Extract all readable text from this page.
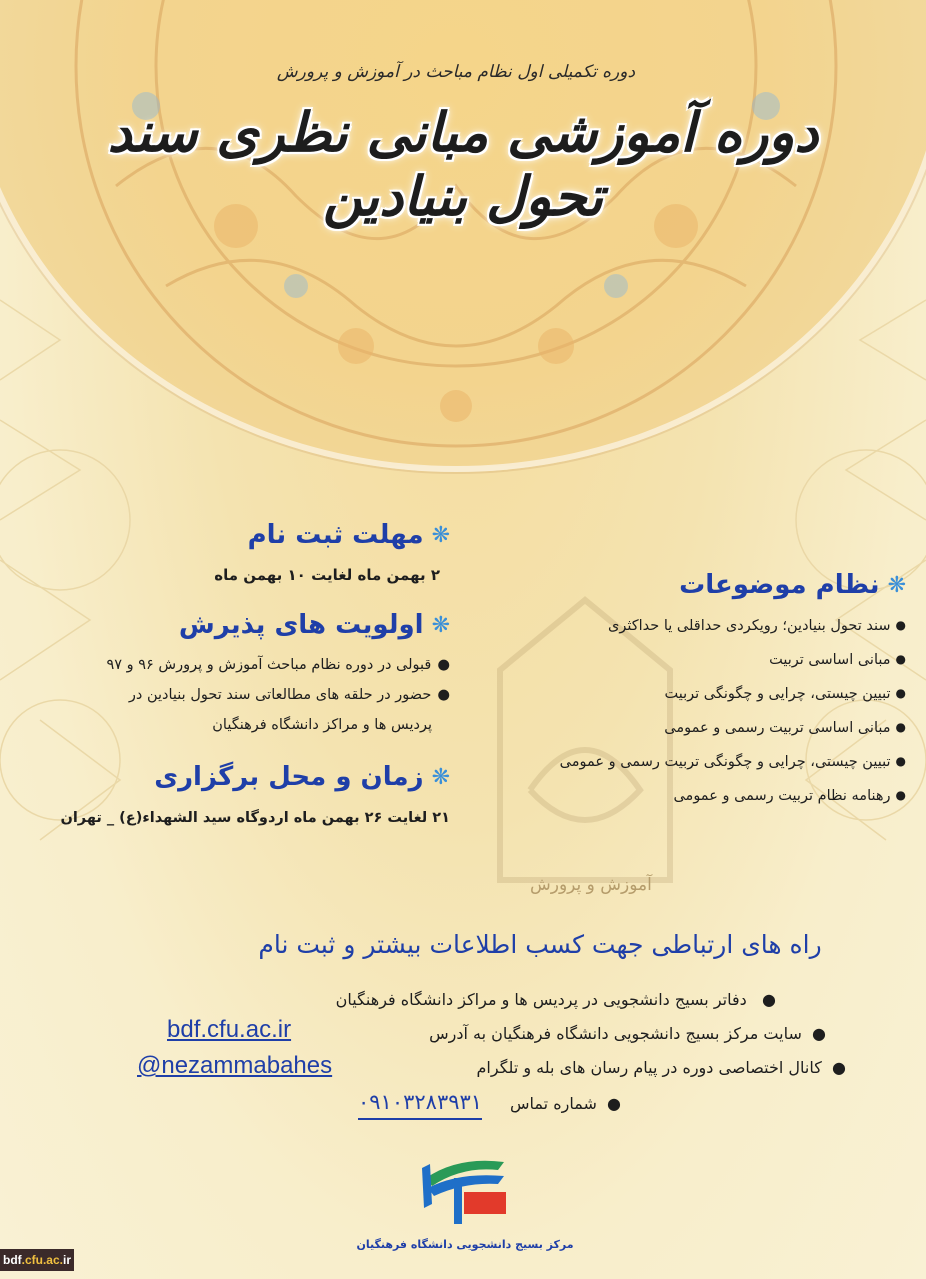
دوره تکمیلی اول نظام مباحث در آموزش و پرورش
دوره آموزشی مبانی نظری سند تحول بنیادین
آموزش و پرورش
❋
نظام موضوعات
●
سند تحول بنیادین؛ رویکردی حداقلی یا حداکثری
●
مبانی اساسی تربیت
●
تبیین چیستی، چرایی و چگونگی تربیت
●
مبانی اساسی تربیت رسمی و عمومی
●
تبیین چیستی، چرایی و چگونگی تربیت رسمی و عمومی
●
رهنامه نظام تربیت رسمی و عمومی
❋
مهلت ثبت نام
۲ بهمن ماه لغایت ۱۰ بهمن ماه
❋
اولویت های پذیرش
●
قبولی در دوره نظام مباحث آموزش و پرورش ۹۶ و ۹۷
●
حضور در حلقه های مطالعاتی سند تحول بنیادین در
پردیس ها و مراکز دانشگاه فرهنگیان
❋
زمان و محل برگزاری
۲۱ لغایت ۲۶ بهمن ماه اردوگاه سید الشهداء(ع) _ تهران
راه های ارتباطی جهت کسب اطلاعات بیشتر و ثبت نام
●   دفاتر بسیج دانشجویی در پردیس ها و مراکز دانشگاه فرهنگیان
●  سایت مرکز بسیج دانشجویی دانشگاه فرهنگیان به آدرس
bdf.cfu.ac.ir
●  کانال اختصاصی دوره در پیام رسان های بله و تلگرام
@nezammabahes
●  شماره تماس
۰۹۱۰۳۲۸۳۹۳۱
مرکز بسیج دانشجویی دانشگاه فرهنگیان
bdf .cfu.ac. ir
